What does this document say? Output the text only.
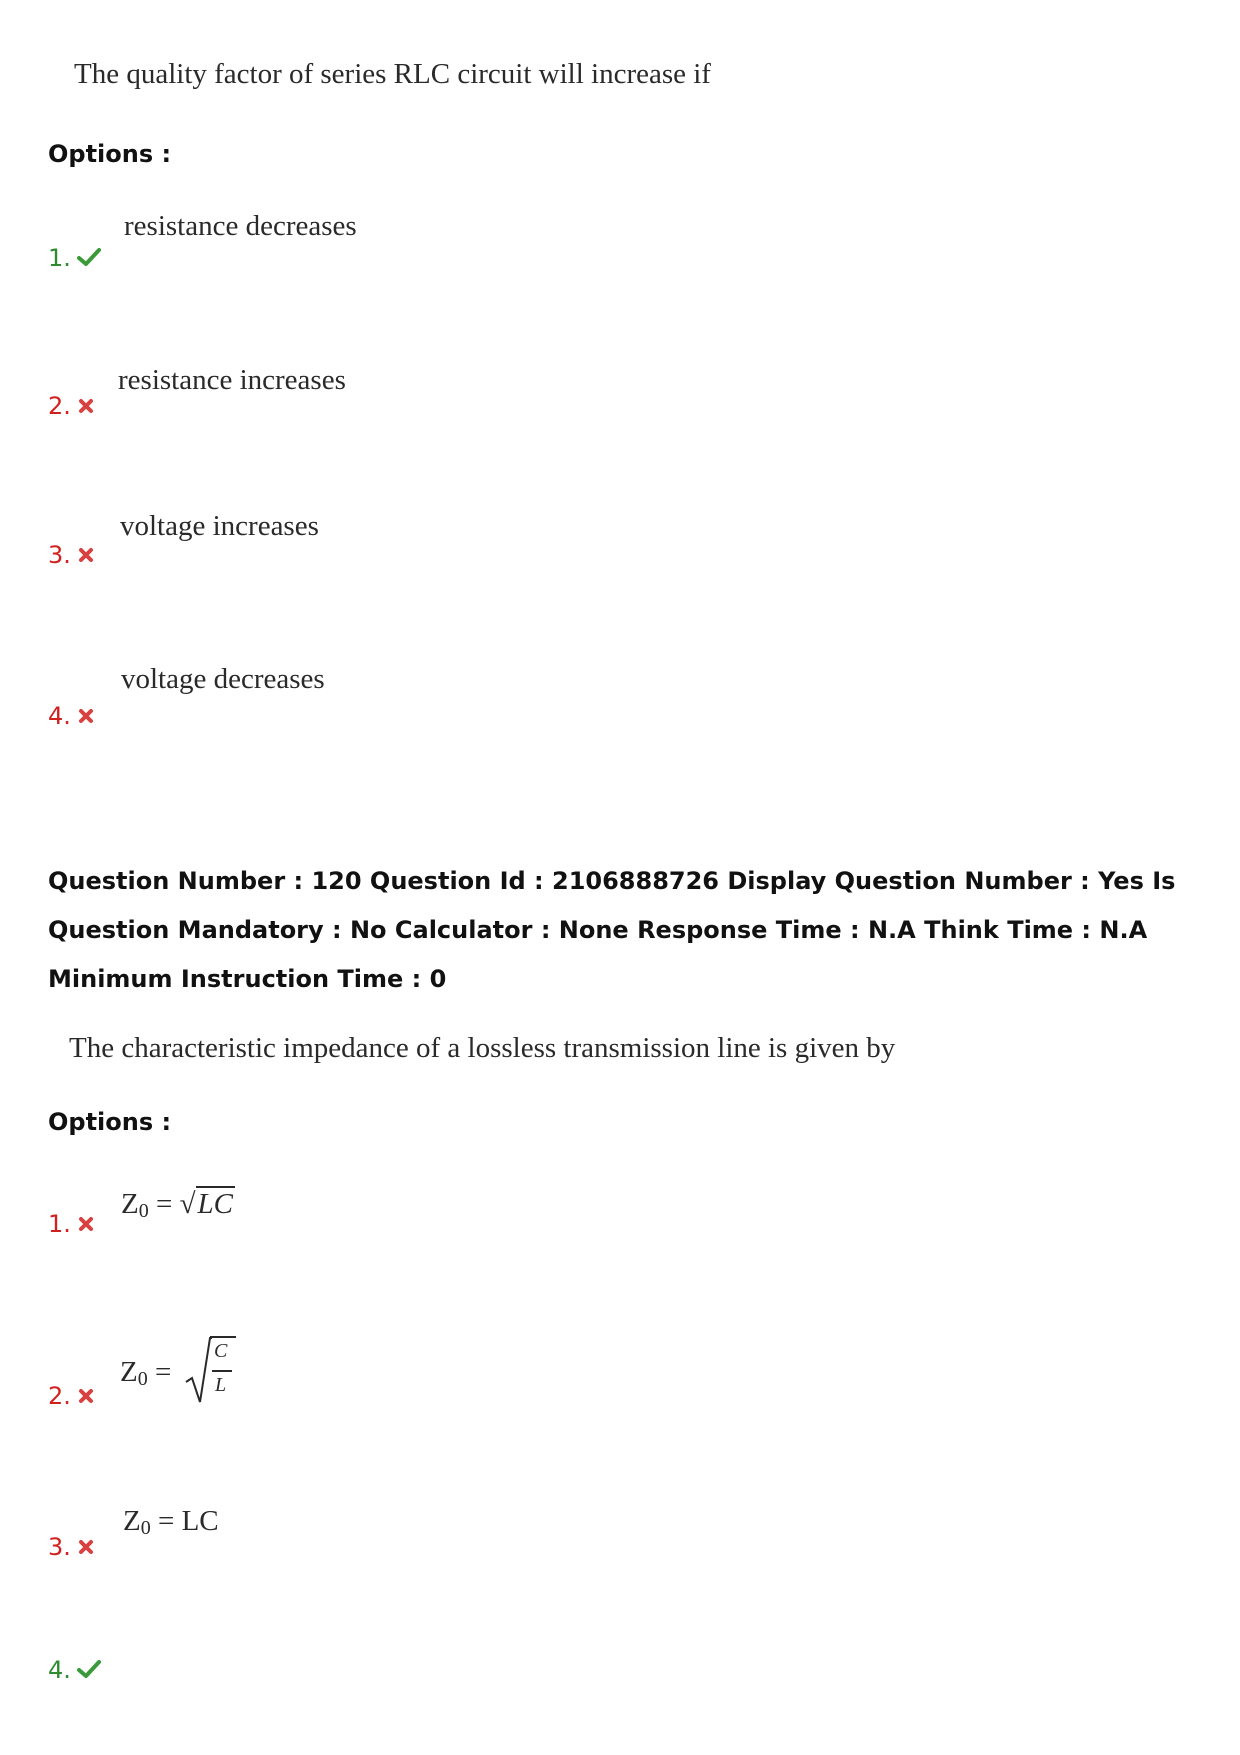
The quality factor of series RLC circuit will increase if
Options :
1.
resistance decreases
2.
resistance increases
3.
voltage increases
4.
voltage decreases
Question Number : 120 Question Id : 2106888726 Display Question Number : Yes Is Question Mandatory : No Calculator : None Response Time : N.A Think Time : N.A Minimum Instruction Time : 0
The characteristic impedance of a lossless transmission line is given by
Options :
1.
$Z_0 = √LC$
2.
$Z_0$ =
C
L
3.
$Z_0$ = LC
4.
